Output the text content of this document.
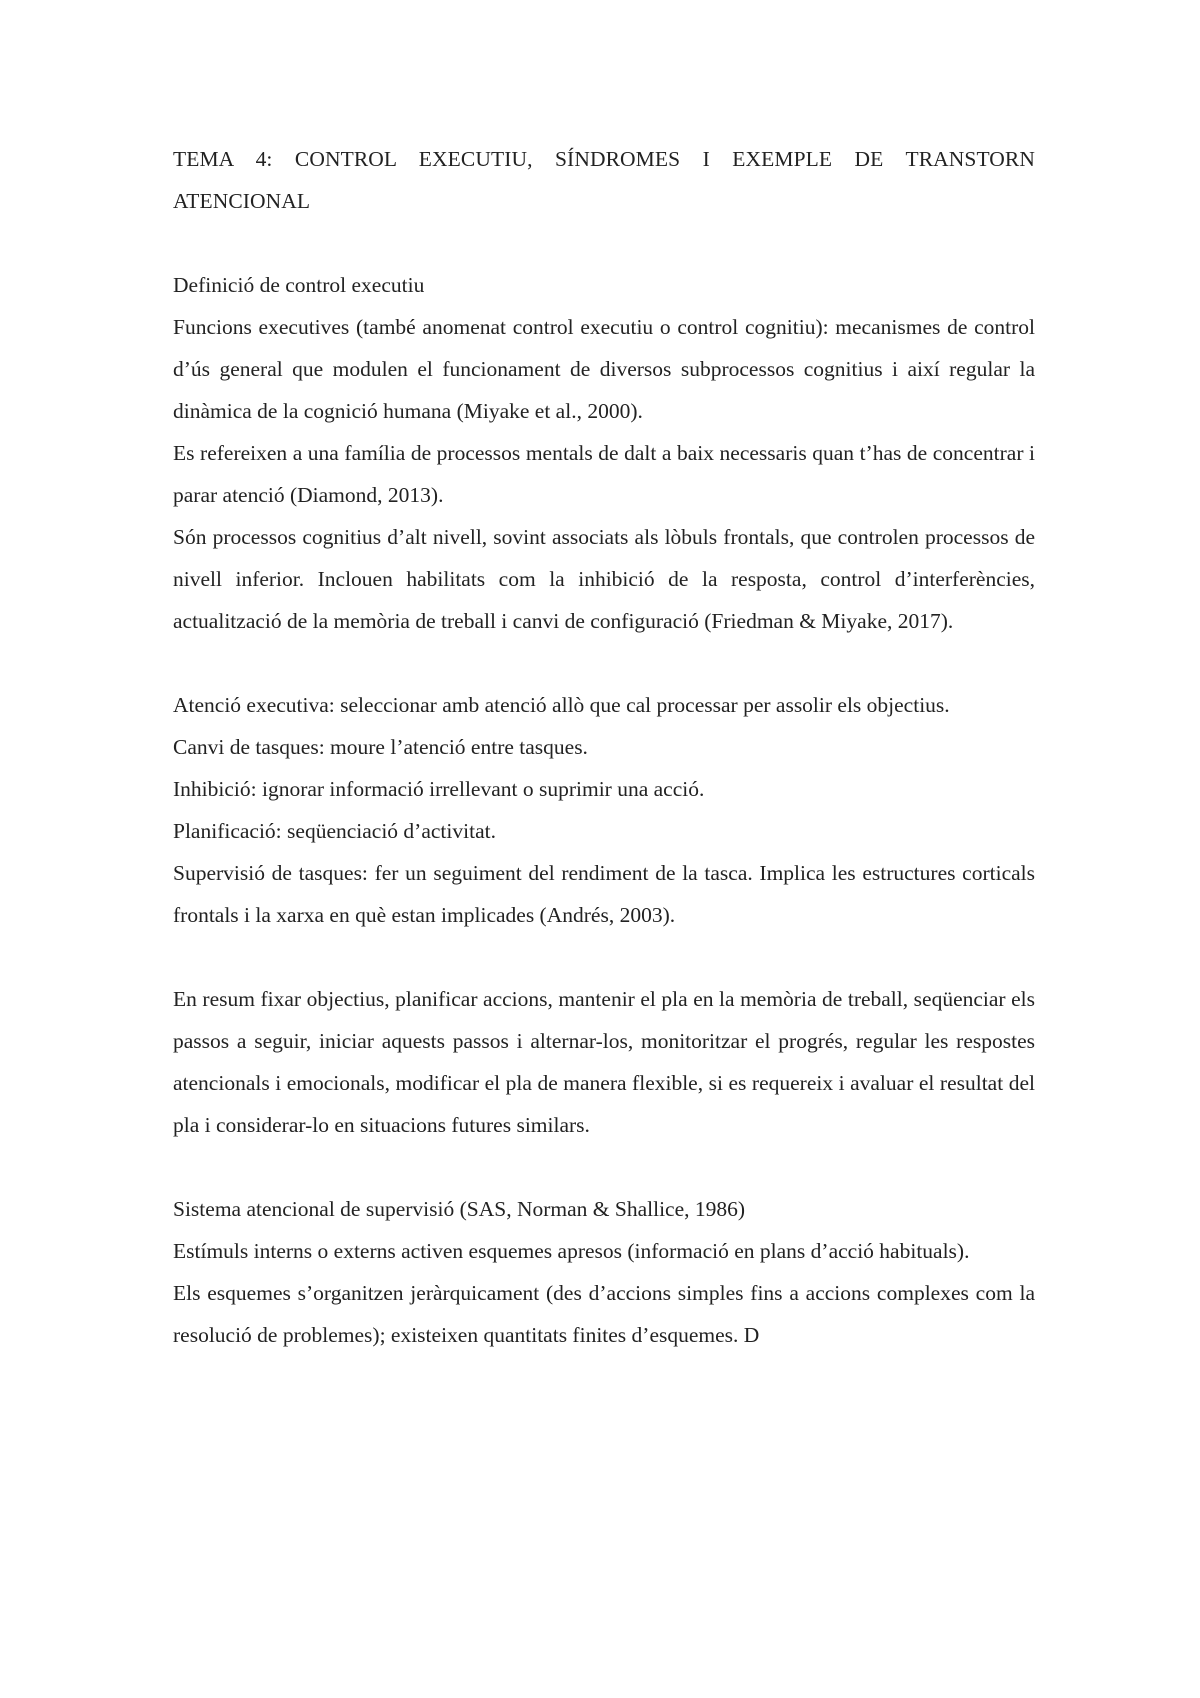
TEMA 4: CONTROL EXECUTIU, SÍNDROMES I EXEMPLE DE TRANSTORN ATENCIONAL

Definició de control executiu

Funcions executives (també anomenat control executiu o control cognitiu): mecanismes de control d’ús general que modulen el funcionament de diversos subprocessos cognitius i així regular la dinàmica de la cognició humana (Miyake et al., 2000).

Es refereixen a una família de processos mentals de dalt a baix necessaris quan t’has de concentrar i parar atenció (Diamond, 2013).

Són processos cognitius d’alt nivell, sovint associats als lòbuls frontals, que controlen processos de nivell inferior. Inclouen habilitats com la inhibició de la resposta, control d’interferències, actualització de la memòria de treball i canvi de configuració (Friedman & Miyake, 2017).

Atenció executiva: seleccionar amb atenció allò que cal processar per assolir els objectius.

Canvi de tasques: moure l’atenció entre tasques.

Inhibició: ignorar informació irrellevant o suprimir una acció.

Planificació: seqüenciació d’activitat.

Supervisió de tasques: fer un seguiment del rendiment de la tasca. Implica les estructures corticals frontals i la xarxa en què estan implicades (Andrés, 2003).

En resum fixar objectius, planificar accions, mantenir el pla en la memòria de treball, seqüenciar els passos a seguir, iniciar aquests passos i alternar-los, monitoritzar el progrés, regular les respostes atencionals i emocionals, modificar el pla de manera flexible, si es requereix i avaluar el resultat del pla i considerar-lo en situacions futures similars.

Sistema atencional de supervisió (SAS, Norman & Shallice, 1986)

Estímuls interns o externs activen esquemes apresos (informació en plans d’acció habituals).

Els esquemes s’organitzen jeràrquicament (des d’accions simples fins a accions complexes com la resolució de problemes); existeixen quantitats finites d’esquemes. D
